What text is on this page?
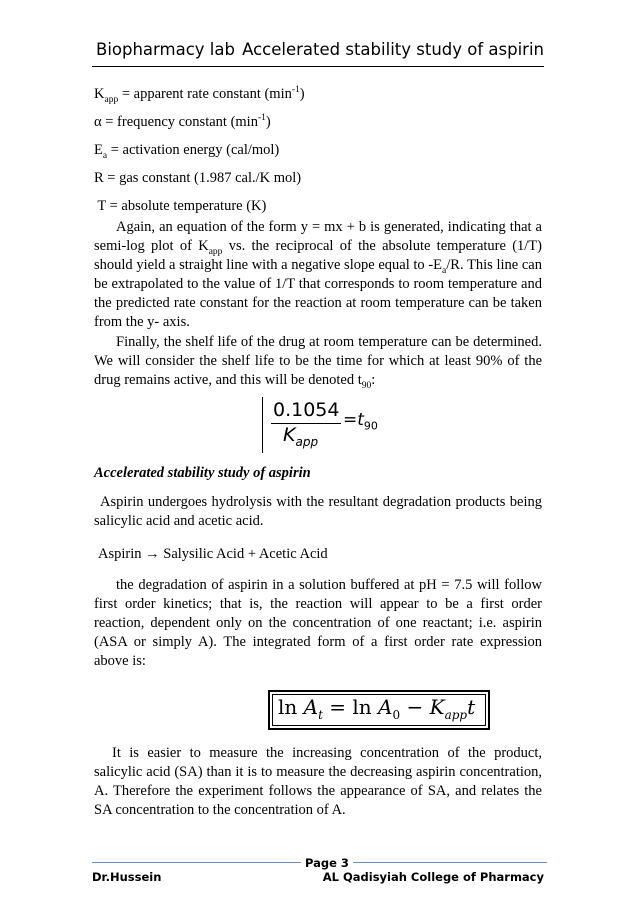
Biopharmacy lab Accelerated stability study of aspirin
$K_{app}$ = apparent rate constant $(\min^{-1})$
α = frequency constant $(\min^{-1})$
$E_a$ = activation energy (cal/mol)
R = gas constant (1.987 cal./K mol)
T = absolute temperature (K)

Again, an equation of the form y = mx + b is generated, indicating that a semi-log plot of $K_{app}$ vs. the reciprocal of the absolute temperature (1/T) should yield a straight line with a negative slope equal to $-E_a/R$. This line can be extrapolated to the value of 1/T that corresponds to room temperature and the predicted rate constant for the reaction at room temperature can be taken from the y- axis.

Finally, the shelf life of the drug at room temperature can be determined. We will consider the shelf life to be the time for which at least 90% of the drug remains active, and this will be denoted $t_{90}$:

0.1054
$K_{app}$
$=t_{90}$
Accelerated stability study of aspirin

Aspirin undergoes hydrolysis with the resultant degradation products being salicylic acid and acetic acid.

Aspirin → Salysilic Acid + Acetic Acid

the degradation of aspirin in a solution buffered at pH = 7.5 will follow first order kinetics; that is, the reaction will appear to be a first order reaction, dependent only on the concentration of one reactant; i.e. aspirin (ASA or simply A). The integrated form of a first order rate expression above is:

$\ln A_t = \ln A_0 - K_{app}t$

It is easier to measure the increasing concentration of the product, salicylic acid (SA) than it is to measure the decreasing aspirin concentration, A. Therefore the experiment follows the appearance of SA, and relates the SA concentration to the concentration of A.

Page 3
Dr.Hussein	AL Qadisyiah College of Pharmacy
